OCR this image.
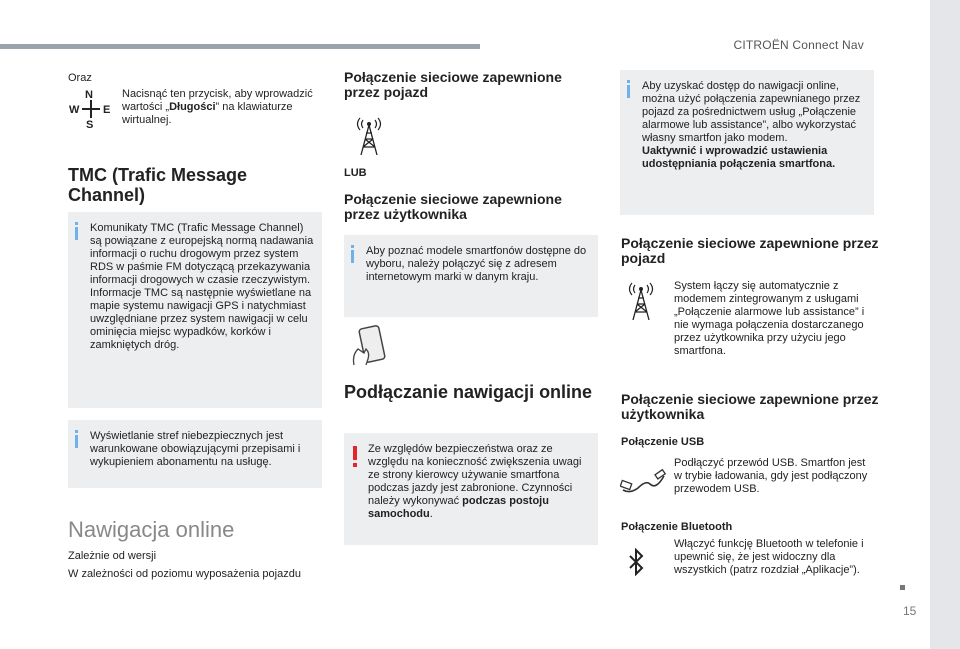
CITROËN Connect Nav
15
Oraz
N
W E
S
Nacisnąć ten przycisk, aby wprowadzić wartości „Długości” na klawiaturze wirtualnej.
TMC (Trafic Message Channel)
Komunikaty TMC (Trafic Message Channel) są powiązane z europejską normą nadawania informacji o ruchu drogowym przez system RDS w paśmie FM dotyczącą przekazywania informacji drogowych w czasie rzeczywistym. Informacje TMC są następnie wyświetlane na mapie systemu nawigacji GPS i natychmiast uwzględniane przez system nawigacji w celu ominięcia miejsc wypadków, korków i zamkniętych dróg.
Wyświetlanie stref niebezpiecznych jest warunkowane obowiązującymi przepisami i wykupieniem abonamentu na usługę.
Nawigacja online
Zależnie od wersji
W zależności od poziomu wyposażenia pojazdu
Połączenie sieciowe zapewnione przez pojazd
LUB
Połączenie sieciowe zapewnione przez użytkownika
Aby poznać modele smartfonów dostępne do wyboru, należy połączyć się z adresem internetowym marki w danym kraju.
Podłączanie nawigacji online
Ze względów bezpieczeństwa oraz ze względu na konieczność zwiększenia uwagi ze strony kierowcy używanie smartfona podczas jazdy jest zabronione. Czynności należy wykonywać podczas postoju samochodu.
Aby uzyskać dostęp do nawigacji online, można użyć połączenia zapewnianego przez pojazd za pośrednictwem usług „Połączenie alarmowe lub assistance”, albo wykorzystać własny smartfon jako modem.
Uaktywnić i wprowadzić ustawienia udostępniania połączenia smartfona.
Połączenie sieciowe zapewnione przez pojazd
System łączy się automatycznie z modemem zintegrowanym z usługami „Połączenie alarmowe lub assistance” i nie wymaga połączenia dostarczanego przez użytkownika przy użyciu jego smartfona.
Połączenie sieciowe zapewnione przez użytkownika
Połączenie USB
Podłączyć przewód USB. Smartfon jest w trybie ładowania, gdy jest podłączony przewodem USB.
Połączenie Bluetooth
Włączyć funkcję Bluetooth w telefonie i upewnić się, że jest widoczny dla wszystkich (patrz rozdział „Aplikacje”).
